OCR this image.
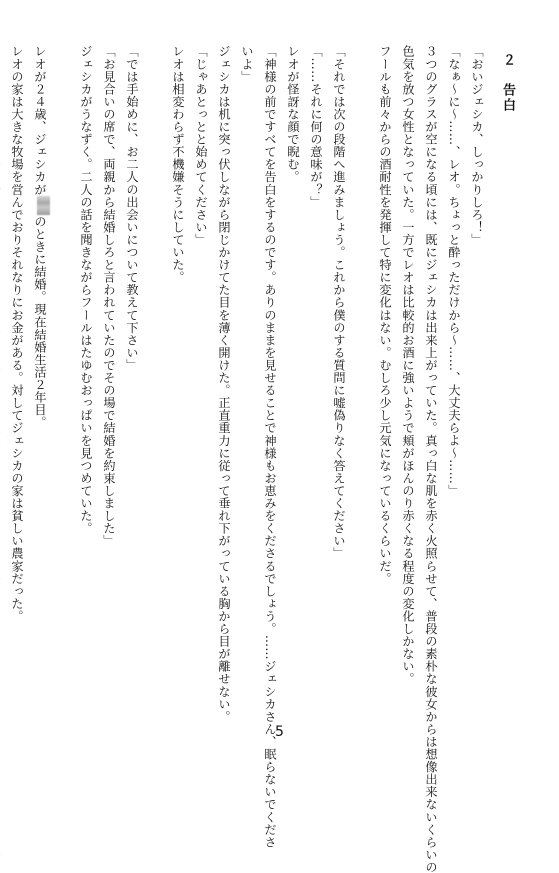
２　告白
「おいジェシカ、しっかりしろ！」
「なぁ～に～……、レオ。ちょっと酔っただけから～……、大丈夫らよ～……」
３つのグラスが空になる頃には、既にジェシカは出来上がっていた。真っ白な肌を赤く火照らせて、普段の素朴な彼女からは想像出来ないくらいの
色気を放つ女性となっていた。一方でレオは比較的お酒に強いようで頬がほんのり赤くなる程度の変化しかない。
フールも前々からの酒耐性を発揮して特に変化はない。むしろ少し元気になっているくらいだ。
「それでは次の段階へ進みましょう。これから僕のする質問に嘘偽りなく答えてください」
「……それに何の意味が？」
レオが怪訝な顔で睨む。
「神様の前ですべてを告白をするのです。ありのままを見せることで神様もお恵みをくださるでしょう。……ジェシカさん、眠らないでくださ
いよ」
ジェシカは机に突っ伏しながら閉じかけてた目を薄く開けた。正直重力に従って垂れ下がっている胸から目が離せない。
「じゃあとっとと始めてください」
レオは相変わらず不機嫌そうにしていた。
「では手始めに、お二人の出会いについて教えて下さい」
「お見合いの席で、両親から結婚しろと言われていたのでその場で結婚を約束しました」
ジェシカがうなずく。二人の話を聞きながらフールはたゆむおっぱいを見つめていた。
レオが２４歳、ジェシカがのときに結婚。現在結婚生活２年目。
レオの家は大きな牧場を営んでおりそれなりにお金がある。対してジェシカの家は貧しい農家だった。
5
